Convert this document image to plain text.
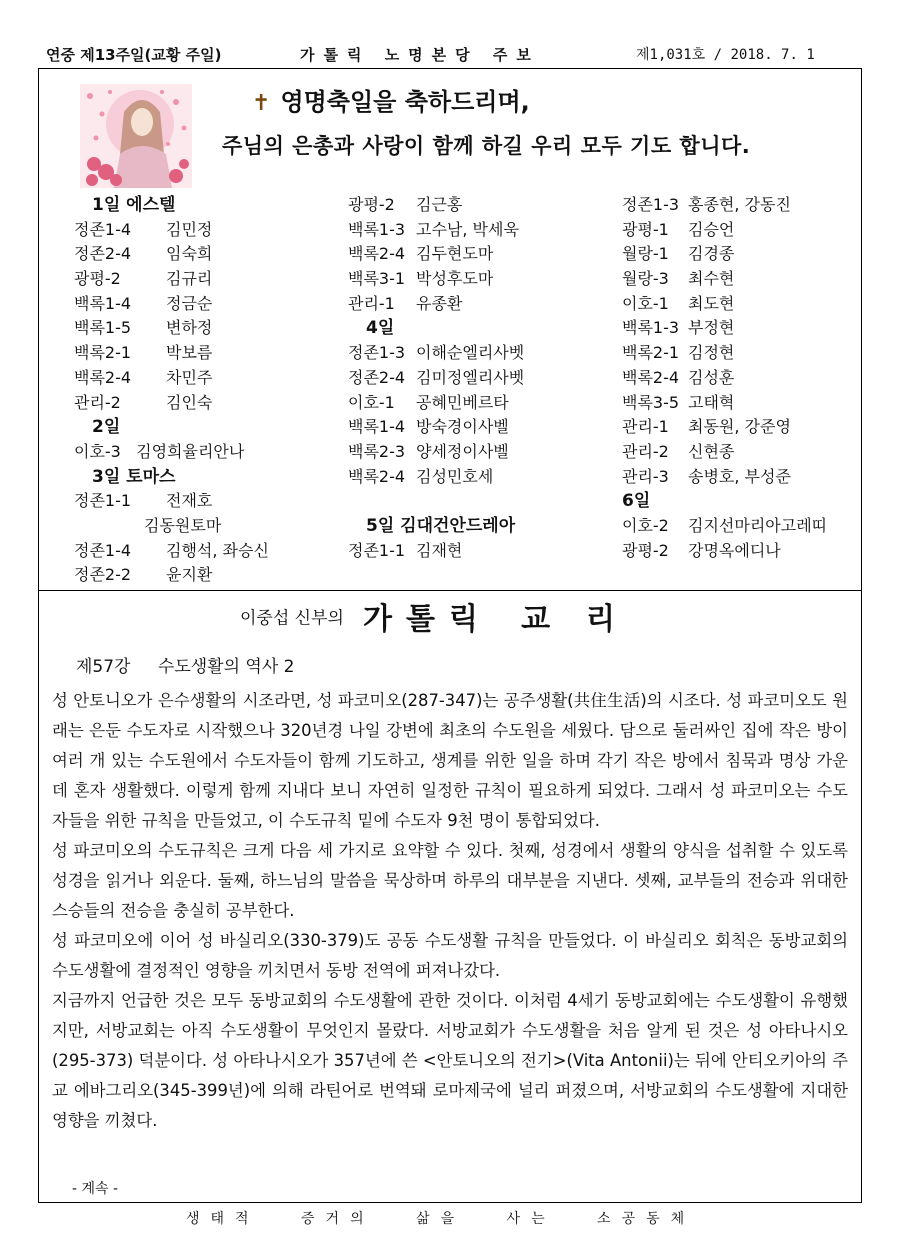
연중 제13주일(교황 주일)	가톨릭 노명본당 주보	제1,031호 / 2018. 7. 1
✝ 영명축일을 축하드리며,
주님의 은총과 사랑이 함께 하길 우리 모두 기도 합니다.
1일 에스텔
정존1-4 김민정
정존2-4 임숙희
광평-2	김규리
백록1-4 정금순
백록1-5 변하정
백록2-1 박보름
백록2-4 차민주
관리-2	김인숙
2일
이호-3   김영희율리안나
3일 토마스
정존1-1 전재호
김동원토마
정존1-4 김행석, 좌승신
정존2-2 윤지환
광평-2 김근홍
백록1-3 고수남, 박세욱
백록2-4 김두현도마
백록3-1 박성후도마
관리-1 유종환
4일
정존1-3 이해순엘리사벳
정존2-4 김미정엘리사벳
이호-1 공혜민베르타
백록1-4 방숙경이사벨
백록2-3 양세정이사벨
백록2-4 김성민호세

5일 김대건안드레아
정존1-1 김재현
정존1-3 홍종현, 강동진
광평-1 김승언
월랑-1 김경종
월랑-3 최수현
이호-1 최도현
백록1-3 부정현
백록2-1 김정현
백록2-4 김성훈
백록3-5 고태혁
관리-1 최동원, 강준영
관리-2 신현종
관리-3 송병호, 부성준
6일
이호-2 김지선마리아고레띠
광평-2 강명옥에디나
이중섭 신부의 가톨릭 교리
제57강 수도생활의 역사 2

성 안토니오가 은수생활의 시조라면, 성 파코미오(287-347)는 공주생활(共住生活)의 시조다. 성 파코미오도 원래는 은둔 수도자로 시작했으나 320년경 나일 강변에 최초의 수도원을 세웠다. 담으로 둘러싸인 집에 작은 방이 여러 개 있는 수도원에서 수도자들이 함께 기도하고, 생계를 위한 일을 하며 각기 작은 방에서 침묵과 명상 가운데 혼자 생활했다. 이렇게 함께 지내다 보니 자연히 일정한 규칙이 필요하게 되었다. 그래서 성 파코미오는 수도자들을 위한 규칙을 만들었고, 이 수도규칙 밑에 수도자 9천 명이 통합되었다.

성 파코미오의 수도규칙은 크게 다음 세 가지로 요약할 수 있다. 첫째, 성경에서 생활의 양식을 섭취할 수 있도록 성경을 읽거나 외운다. 둘째, 하느님의 말씀을 묵상하며 하루의 대부분을 지낸다. 셋째, 교부들의 전승과 위대한 스승들의 전승을 충실히 공부한다.

성 파코미오에 이어 성 바실리오(330-379)도 공동 수도생활 규칙을 만들었다. 이 바실리오 회칙은 동방교회의 수도생활에 결정적인 영향을 끼치면서 동방 전역에 퍼져나갔다.

지금까지 언급한 것은 모두 동방교회의 수도생활에 관한 것이다. 이처럼 4세기 동방교회에는 수도생활이 유행했지만, 서방교회는 아직 수도생활이 무엇인지 몰랐다. 서방교회가 수도생활을 처음 알게 된 것은 성 아타나시오(295-373) 덕분이다. 성 아타나시오가 357년에 쓴 <안토니오의 전기>(Vita Antonii)는 뒤에 안티오키아의 주교 에바그리오(345-399년)에 의해 라틴어로 번역돼 로마제국에 널리 퍼졌으며, 서방교회의 수도생활에 지대한 영향을 끼쳤다.

- 계속 -
생태적 증거의 삶을 사는 소공동체
